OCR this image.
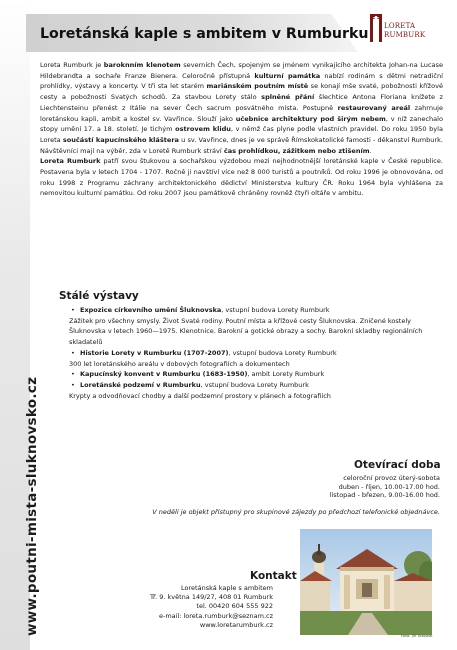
www.poutni-mista-sluknovsko.cz
Loretánská kaple s ambitem v Rumburku LORETA
RUMBURK

Loreta Rumburk je baroknním klenotem severních Čech, spojeným se jménem vynikajícího architekta Johan-na Lucase Hildebrandta a sochaře Franze Bienera. Celoročně přístupná kulturní památka nabízí rodinám s dětmi netradiční prohlídky, výstavy a koncerty. V tři sta let starém mariánském poutním místě se konají mše svaté, pobožnosti křížové cesty a pobožnosti Svatých schodů. Za stavbou Lorety stálo splněné přání šlechtice Antona Floriana knížete z Liechtensteinu přenést z Itálie na sever Čech sacrum posvátného místa. Postupně restaurovaný areál zahrnuje loretánskou kapli, ambit a kostel sv. Vavřince. Slouží jako učebnice architektury pod širým nebem, v níž zanechalo stopy umění 17. a 18. století. Je tichým ostrovem klidu, v němž čas plyne podle vlastních pravidel. Do roku 1950 byla Loreta součástí kapucínského kláštera u sv. Vavřince, dnes je ve správě Římskokatolické famosti - děkanství Rumburk. Návštěvníci mají na výběr, zda v Loretě Rumburk stráví čas prohlídkou, zážitkem nebo ztišením.

Loreta Rumburk patří svou štukovou a sochařskou výzdobou mezi nejhodnotnější loretánské kaple v České republice. Postavena byla v letech 1704 - 1707. Ročně ji navštíví více než 8 000 turistů a poutníků. Od roku 1996 je obnovována, od roku 1998 z Programu záchrany architektonického dědictví Ministerstva kultury ČR. Roku 1964 byla vyhlášena za nemovitou kulturní památku. Od roku 2007 jsou památkově chráněny rovněž čtyři oltáře v ambitu.

Stálé výstavy
• Expozice církevního umění Šluknovska, vstupní budova Lorety Rumburk
Zážitek pro všechny smysly. Život Svaté rodiny. Poutní místa a křížové cesty Šluknovska. Zničené kostely Šluknovska v letech 1960—1975. Klenotnice. Barokní a gotické obrazy a sochy. Barokní skladby regionálních skladatelů
• Historie Lorety v Rumburku (1707-2007), vstupní budova Lorety Rumburk
300 let loretánského areálu v dobových fotografiích a dokumentech
• Kapucínský konvent v Rumburku (1683-1950), ambit Lorety Rumburk
• Loretánské podzemí v Rumburku, vstupní budova Lorety Rumburk
Krypty a odvodňovací chodby a další podzemní prostory v plánech a fotografiích
Otevírací doba
celoroční provoz úterý-sobota
duben - říjen, 10.00-17.00 hod.
listopad - březen, 9.00-16.00 hod.
V neděli je objekt přístupný pro skupinové zájezdy po předchozí telefonické objednávce.
Kontakt
Loretánská kaple s ambitem
Tř. 9. května 149/27, 408 01 Rumburk
tel. 00420 604 555 922
e-mail: loreta.rumburk@seznam.cz
www.loretarumburk.cz
Foto: Jiří Stejskal
